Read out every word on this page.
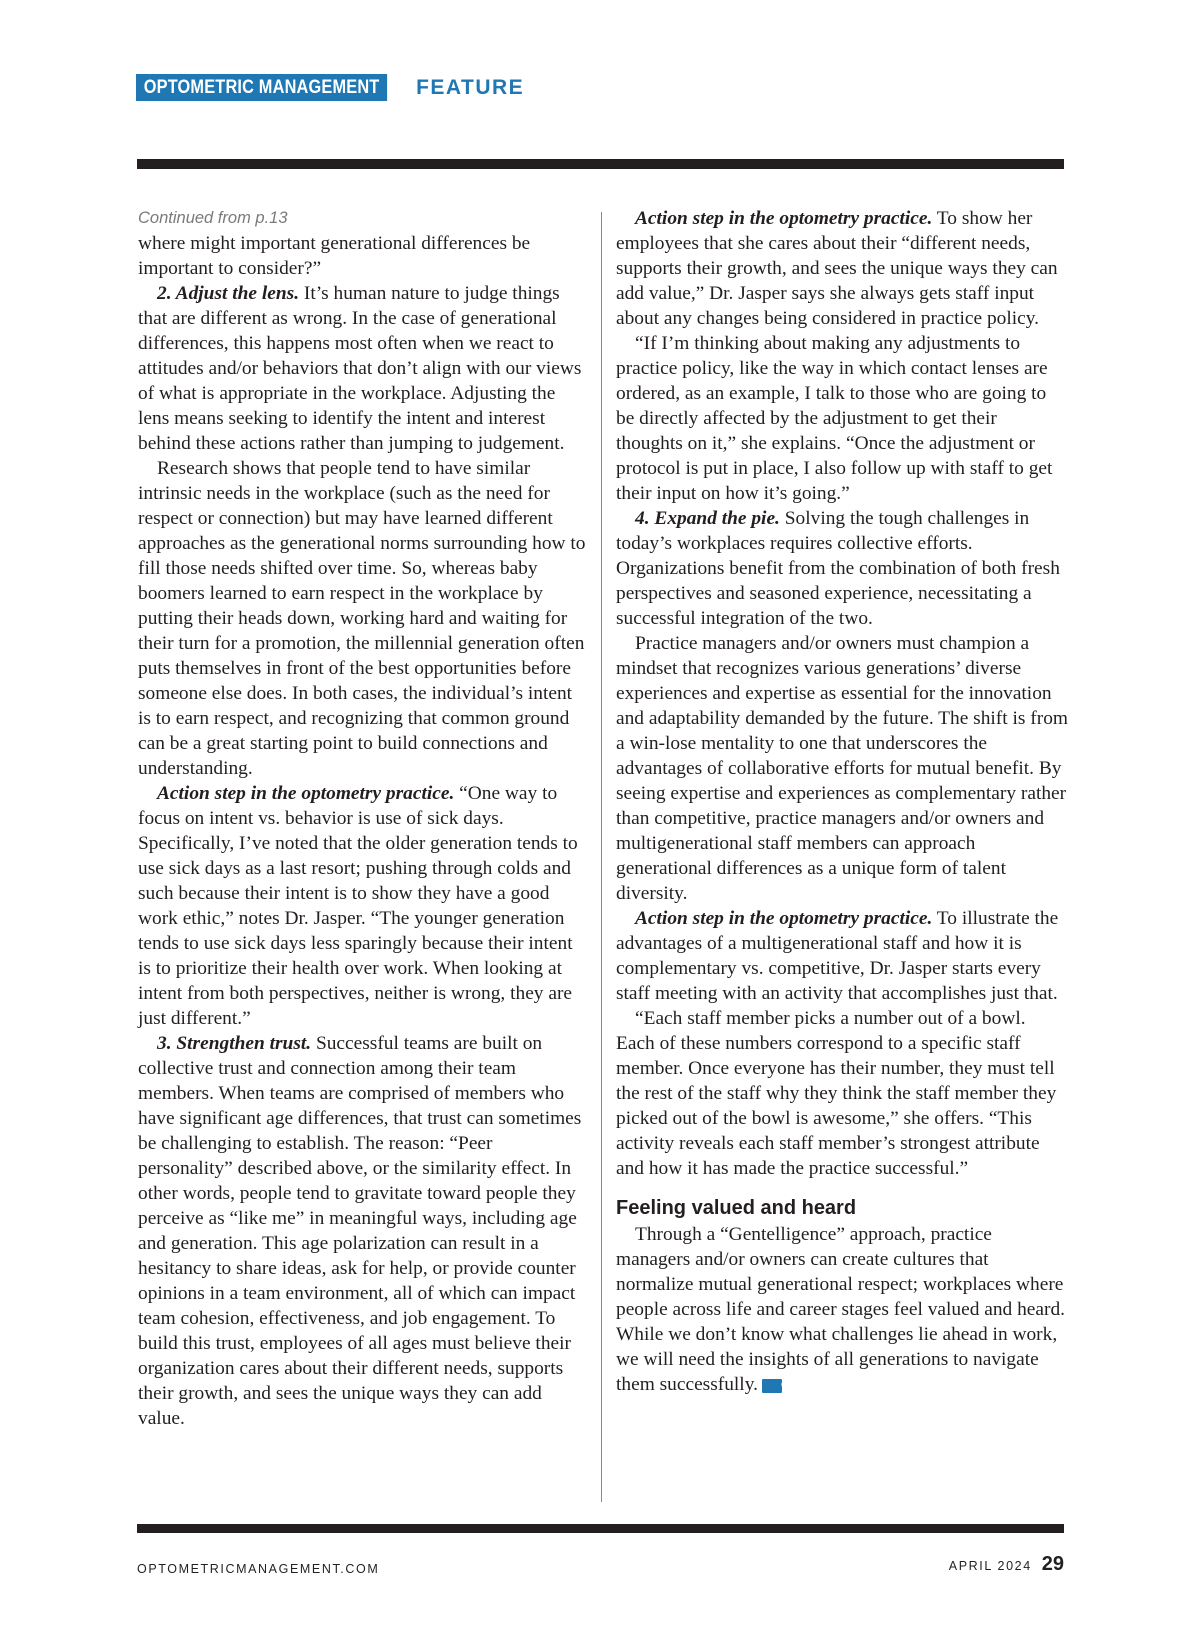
OPTOMETRIC MANAGEMENT	FEATURE
Continued from p.13

where might important generational differences be important to consider?”

2. Adjust the lens. It’s human nature to judge things that are different as wrong. In the case of generational differences, this happens most often when we react to attitudes and/or behaviors that don’t align with our views of what is appropriate in the workplace. Adjusting the lens means seeking to identify the intent and interest behind these actions rather than jumping to judgement.

Research shows that people tend to have similar intrinsic needs in the workplace (such as the need for respect or connection) but may have learned different approaches as the generational norms surrounding how to fill those needs shifted over time. So, whereas baby boomers learned to earn respect in the workplace by putting their heads down, working hard and waiting for their turn for a promotion, the millennial generation often puts themselves in front of the best opportunities before someone else does. In both cases, the individual’s intent is to earn respect, and recognizing that common ground can be a great starting point to build connections and understanding.

Action step in the optometry practice. “One way to focus on intent vs. behavior is use of sick days. Specifically, I’ve noted that the older generation tends to use sick days as a last resort; pushing through colds and such because their intent is to show they have a good work ethic,” notes Dr. Jasper. “The younger generation tends to use sick days less sparingly because their intent is to prioritize their health over work. When looking at intent from both perspectives, neither is wrong, they are just different.”

3. Strengthen trust. Successful teams are built on collective trust and connection among their team members. When teams are comprised of members who have significant age differences, that trust can sometimes be challenging to establish. The reason: “Peer personality” described above, or the similarity effect. In other words, people tend to gravitate toward people they perceive as “like me” in meaningful ways, including age and generation. This age polarization can result in a hesitancy to share ideas, ask for help, or provide counter opinions in a team environment, all of which can impact team cohesion, effectiveness, and job engagement. To build this trust, employees of all ages must believe their organization cares about their different needs, supports their growth, and sees the unique ways they can add value.

Action step in the optometry practice. To show her employees that she cares about their “different needs, supports their growth, and sees the unique ways they can add value,” Dr. Jasper says she always gets staff input about any changes being considered in practice policy.

“If I’m thinking about making any adjustments to practice policy, like the way in which contact lenses are ordered, as an example, I talk to those who are going to be directly affected by the adjustment to get their thoughts on it,” she explains. “Once the adjustment or protocol is put in place, I also follow up with staff to get their input on how it’s going.”

4. Expand the pie. Solving the tough challenges in today’s workplaces requires collective efforts. Organizations benefit from the combination of both fresh perspectives and seasoned experience, necessitating a successful integration of the two.

Practice managers and/or owners must champion a mindset that recognizes various generations’ diverse experiences and expertise as essential for the innovation and adaptability demanded by the future. The shift is from a win-lose mentality to one that underscores the advantages of collaborative efforts for mutual benefit. By seeing expertise and experiences as complementary rather than competitive, practice managers and/or owners and multigenerational staff members can approach generational differences as a unique form of talent diversity.

Action step in the optometry practice. To illustrate the advantages of a multigenerational staff and how it is complementary vs. competitive, Dr. Jasper starts every staff meeting with an activity that accomplishes just that.

“Each staff member picks a number out of a bowl. Each of these numbers correspond to a specific staff member. Once everyone has their number, they must tell the rest of the staff why they think the staff member they picked out of the bowl is awesome,” she offers. “This activity reveals each staff member’s strongest attribute and how it has made the practice successful.”

Feeling valued and heard

Through a “Gentelligence” approach, practice managers and/or owners can create cultures that normalize mutual generational respect; workplaces where people across life and career stages feel valued and heard. While we don’t know what challenges lie ahead in work, we will need the insights of all generations to navigate them successfully. OM

OPTOMETRICMANAGEMENT.COM	APRIL 2024 29
